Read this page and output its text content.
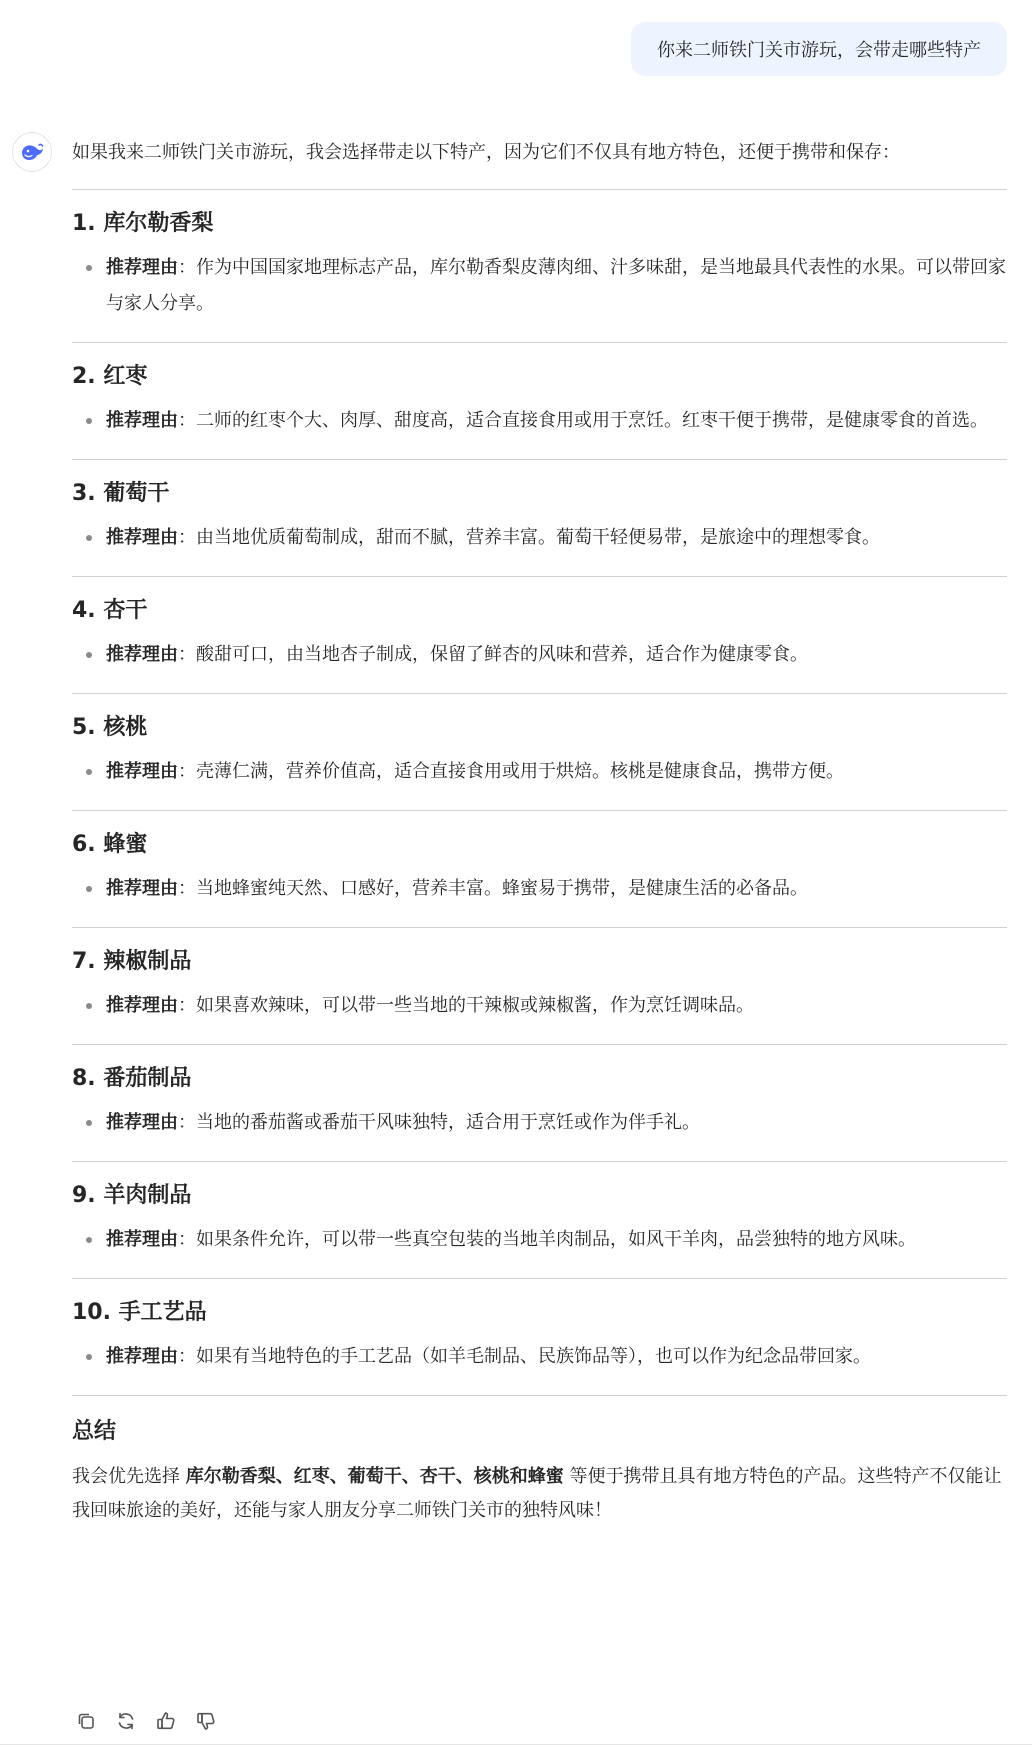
你来二师铁门关市游玩，会带走哪些特产

如果我来二师铁门关市游玩，我会选择带走以下特产，因为它们不仅具有地方特色，还便于携带和保存：

1. 库尔勒香梨
推荐理由：作为中国国家地理标志产品，库尔勒香梨皮薄肉细、汁多味甜，是当地最具代表性的水果。可以带回家与家人分享。
2. 红枣
推荐理由：二师的红枣个大、肉厚、甜度高，适合直接食用或用于烹饪。红枣干便于携带，是健康零食的首选。
3. 葡萄干
推荐理由：由当地优质葡萄制成，甜而不腻，营养丰富。葡萄干轻便易带，是旅途中的理想零食。
4. 杏干
推荐理由：酸甜可口，由当地杏子制成，保留了鲜杏的风味和营养，适合作为健康零食。
5. 核桃
推荐理由：壳薄仁满，营养价值高，适合直接食用或用于烘焙。核桃是健康食品，携带方便。
6. 蜂蜜
推荐理由：当地蜂蜜纯天然、口感好，营养丰富。蜂蜜易于携带，是健康生活的必备品。
7. 辣椒制品
推荐理由：如果喜欢辣味，可以带一些当地的干辣椒或辣椒酱，作为烹饪调味品。
8. 番茄制品
推荐理由：当地的番茄酱或番茄干风味独特，适合用于烹饪或作为伴手礼。
9. 羊肉制品
推荐理由：如果条件允许，可以带一些真空包装的当地羊肉制品，如风干羊肉，品尝独特的地方风味。
10. 手工艺品
推荐理由：如果有当地特色的手工艺品（如羊毛制品、民族饰品等），也可以作为纪念品带回家。
总结

我会优先选择 库尔勒香梨、红枣、葡萄干、杏干、核桃和蜂蜜 等便于携带且具有地方特色的产品。这些特产不仅能让我回味旅途的美好，还能与家人朋友分享二师铁门关市的独特风味！
